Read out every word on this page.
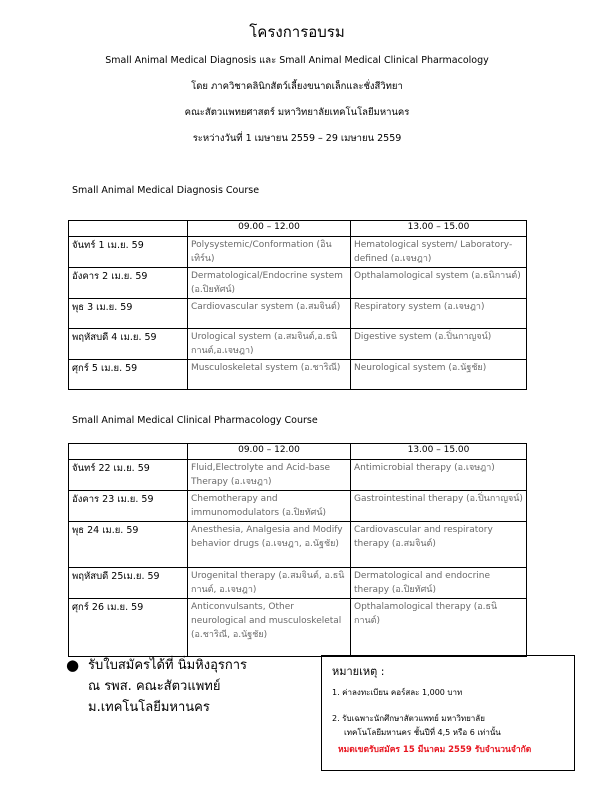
โครงการอบรม
Small Animal Medical Diagnosis และ Small Animal Medical Clinical Pharmacology
โดย ภาควิชาคลินิกสัตว์เลี้ยงขนาดเล็กและชั่งสีวิทยา
คณะสัตวแพทยศาสตร์ มหาวิทยาลัยเทคโนโลยีมหานคร
ระหว่างวันที่ 1 เมษายน 2559 – 29 เมษายน 2559
Small Animal Medical Diagnosis Course
	09.00 – 12.00	13.00 – 15.00
จันทร์ 1 เม.ย. 59	Polysystemic/Conformation (อินเทิร์น)	Hematological system/ Laboratory-defined (อ.เจษฎา)
อังคาร 2 เม.ย. 59	Dermatological/Endocrine system (อ.ปิยทัศน์)	Opthalamological system (อ.ธนิกานต์)
พุธ 3 เม.ย. 59	Cardiovascular system (อ.สมจินต์)	Respiratory system (อ.เจษฎา)
พฤหัสบดี 4 เม.ย. 59	Urological system (อ.สมจินต์,อ.ธนิกานต์,อ.เจษฎา)	Digestive system (อ.ปิ่นกาญจน์)
ศุกร์ 5 เม.ย. 59	Musculoskeletal system (อ.ชาริณี)	Neurological system (อ.นัฐชัย)
Small Animal Medical Clinical Pharmacology Course
	09.00 – 12.00	13.00 – 15.00
จันทร์ 22 เม.ย. 59	Fluid,Electrolyte and Acid-base Therapy (อ.เจษฎา)	Antimicrobial therapy (อ.เจษฎา)
อังคาร 23 เม.ย. 59	Chemotherapy and immunomodulators (อ.ปิยทัศน์)	Gastrointestinal therapy (อ.ปิ่นกาญจน์)
พุธ 24 เม.ย. 59	Anesthesia, Analgesia and Modify behavior drugs (อ.เจษฎา, อ.นัฐชัย)	Cardiovascular and respiratory therapy (อ.สมจินต์)
พฤหัสบดี 25เม.ย. 59	Urogenital therapy (อ.สมจินต์, อ.ธนิกานต์, อ.เจษฎา)	Dermatological and endocrine therapy (อ.ปิยทัศน์)
ศุกร์ 26 เม.ย. 59	Anticonvulsants, Other neurological and musculoskeletal (อ.ชาริณี, อ.นัฐชัย)	Opthalamological therapy (อ.ธนิกานต์)
● รับใบสมัครได้ที่ นิ่มหิงอุรการ
ณ รพส. คณะสัตวแพทย์
ม.เทคโนโลยีมหานคร
หมายเหตุ :
1. ค่าลงทะเบียน คอร์สละ 1,000 บาท
2. รับเฉพาะนักศึกษาสัตวแพทย์ มหาวิทยาลัย
เทคโนโลยีมหานคร ชั้นปีที่ 4,5 หรือ 6 เท่านั้น
หมดเขตรับสมัคร 15 มีนาคม 2559 รับจำนวนจำกัด
